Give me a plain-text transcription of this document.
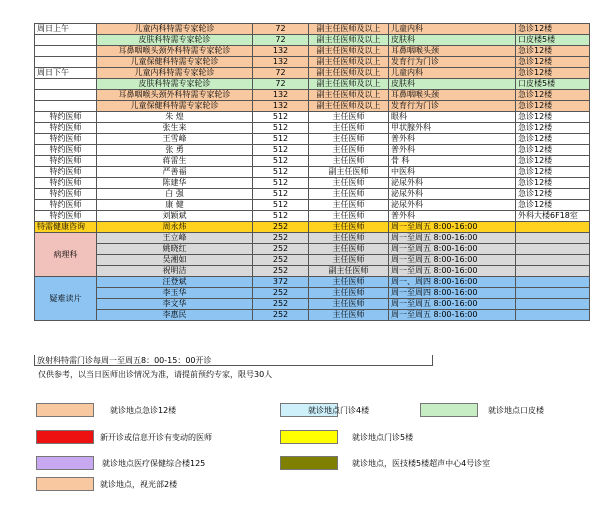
周日上午	儿童内科特需专家轮诊	72	副主任医师及以上	儿童内科	急诊12楼
	皮肤科特需专家轮诊	72	副主任医师及以上	皮肤科	口皮楼5楼
	耳鼻咽喉头颈外科特需专家轮诊	132	副主任医师及以上	耳鼻咽喉头颈	急诊12楼
	儿童保健科特需专家轮诊	132	副主任医师及以上	发育行为门诊	急诊12楼
周日下午	儿童内科特需专家轮诊	72	副主任医师及以上	儿童内科	急诊12楼
	皮肤科特需专家轮诊	72	副主任医师及以上	皮肤科	口皮楼5楼
	耳鼻咽喉头颈外科特需专家轮诊	132	副主任医师及以上	耳鼻咽喉头颈	急诊12楼
	儿童保健科特需专家轮诊	132	副主任医师及以上	发育行为门诊	急诊12楼
特约医师	朱 煌	512	主任医师	眼科	急诊12楼
特约医师	张生来	512	主任医师	甲状腺外科	急诊12楼
特约医师	王雪峰	512	主任医师	普外科	急诊12楼
特约医师	张 勇	512	主任医师	普外科	急诊12楼
特约医师	蒋雷生	512	主任医师	骨 科	急诊12楼
特约医师	严善福	512	副主任医师	中医科	急诊12楼
特约医师	陈建华	512	主任医师	泌尿外科	急诊12楼
特约医师	白 强	512	主任医师	泌尿外科	急诊12楼
特约医师	康 健	512	主任医师	泌尿外科	急诊12楼
特约医师	刘颖斌	512	主任医师	普外科	外科大楼6F18室
特需健康咨询	周永炜	252	主任医师	周一至周五 8:00-16:00	
病理科	王立峰	252	主任医师	周一至周五 8:00-16:00	
	姚晓红	252	主任医师	周一至周五 8:00-16:00	
	吴湘如	252	主任医师	周一至周五 8:00-16:00	
	祝明洁	252	副主任医师	周一至周五 8:00-16:00	
疑难读片	汪登斌	372	主任医师	周一、周四 8:00-16:00	
	李玉华	252	主任医师	周一至周四 8:00-16:00	
	李文华	252	主任医师	周一至周五 8:00-16:00	
	李惠民	252	主任医师	周一至周五 8:00-16:00	
放射科特需门诊每周一至周五8：00-15：00开诊
仅供参考，以当日医师出诊情况为准，请提前预约专家，限号30人
就诊地点急诊12楼	就诊地点门诊4楼	就诊地点口皮楼
新开诊或信息开诊有变动的医师	就诊地点门诊5楼
就诊地点医疗保健综合楼125	就诊地点，医技楼5楼超声中心4号诊室
就诊地点，视光部2楼
